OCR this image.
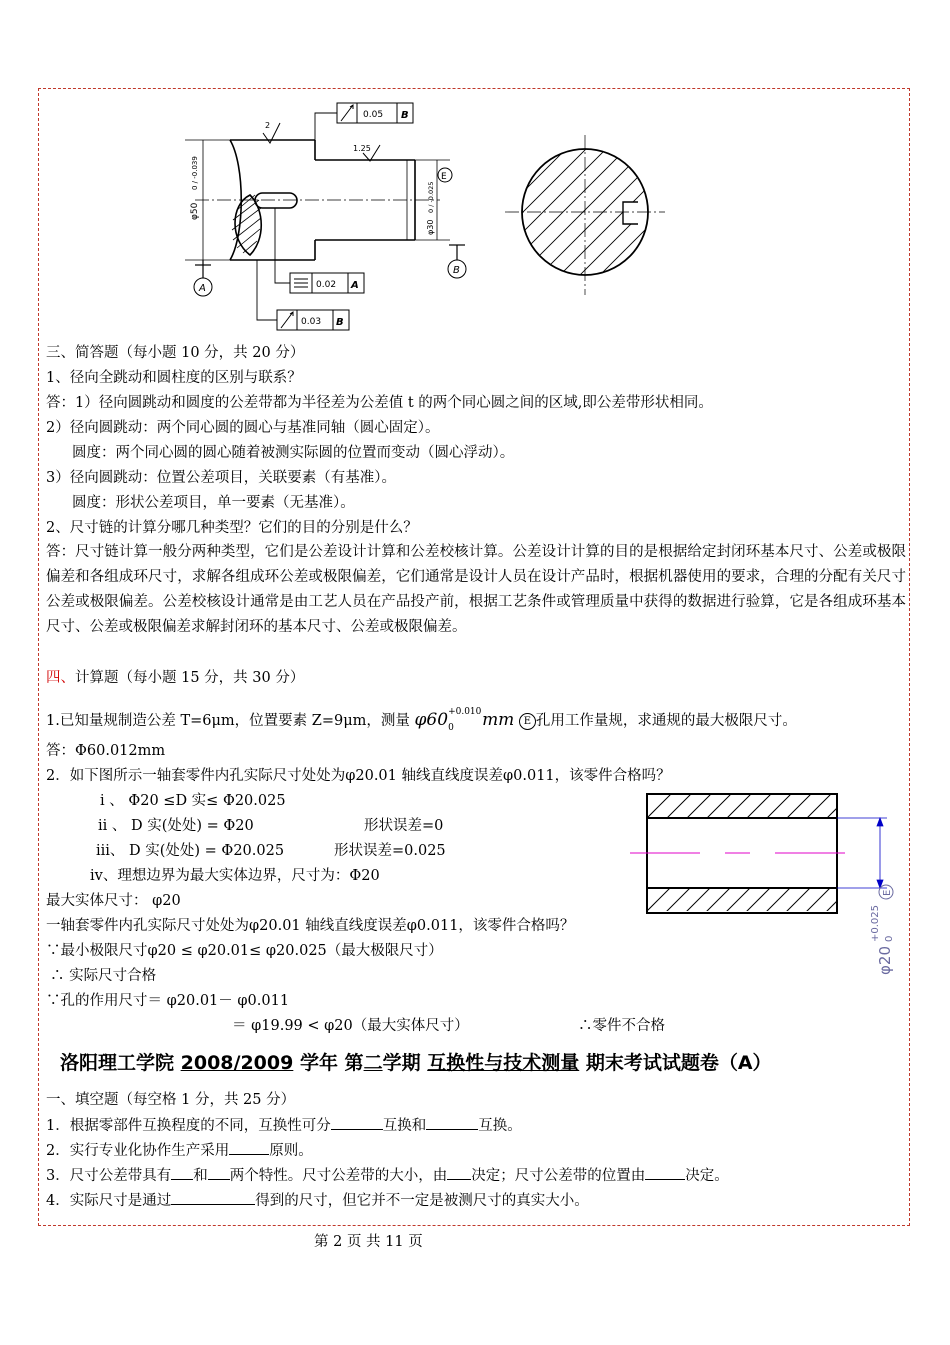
φ50
0 / -0.039
φ30
0 / -0.025
E
2
1.25
A
B
0.05 B
0.02 A
0.03 B
三、简答题（每小题 10 分，共 20 分）
1、径向全跳动和圆柱度的区别与联系？
答：1）径向圆跳动和圆度的公差带都为半径差为公差值 t 的两个同心圆之间的区域,即公差带形状相同。
2）径向圆跳动：两个同心圆的圆心与基准同轴（圆心固定）。
圆度：两个同心圆的圆心随着被测实际圆的位置而变动（圆心浮动）。
3）径向圆跳动：位置公差项目，关联要素（有基准）。
圆度：形状公差项目，单一要素（无基准）。
2、尺寸链的计算分哪几种类型？它们的目的分别是什么？
答：尺寸链计算一般分两种类型，它们是公差设计计算和公差校核计算。公差设计计算的目的是根据给定封闭环基本尺寸、公差或极限偏差和各组成环尺寸，求解各组成环公差或极限偏差，它们通常是设计人员在设计产品时，根据机器使用的要求，合理的分配有关尺寸公差或极限偏差。公差校核设计通常是由工艺人员在产品投产前，根据工艺条件或管理质量中获得的数据进行验算，它是各组成环基本尺寸、公差或极限偏差求解封闭环的基本尺寸、公差或极限偏差。
四、计算题（每小题 15 分，共 30 分）
1.已知量规制造公差 T=6μm，位置要素 Z=9μm，测量 φ60 +0.010
0 mm E 孔用工作量规，求通规的最大极限尺寸。
答：Φ60.012mm
2．如下图所示一轴套零件内孔实际尺寸处处为φ20.01 轴线直线度误差φ0.011，该零件合格吗？
i 、 Φ20 ≤D 实≤ Φ20.025
ii 、 D 实(处处) = Φ20	形状误差=0
iii、 D 实(处处) = Φ20.025	形状误差=0.025
iv、理想边界为最大实体边界，尺寸为：Φ20
最大实体尺寸： φ20
一轴套零件内孔实际尺寸处处为φ20.01 轴线直线度误差φ0.011，该零件合格吗？
∵最小极限尺寸φ20 ≤ φ20.01≤ φ20.025（最大极限尺寸）
∴ 实际尺寸合格
∵孔的作用尺寸＝ φ20.01－ φ0.011
＝ φ19.99 < φ20（最大实体尺寸）	∴零件不合格
φ20
+0.025 0
E
洛阳理工学院 2008/2009 学年 第二学期 互换性与技术测量 期末考试试题卷（A）
一、填空题（每空格 1 分，共 25 分）
1．根据零部件互换程度的不同，互换性可分	互换和	互换。
2．实行专业化协作生产采用	原则。
3．尺寸公差带具有 和 两个特性。尺寸公差带的大小，由 决定；尺寸公差带的位置由	决定。
4．实际尺寸是通过	得到的尺寸，但它并不一定是被测尺寸的真实大小。
第 2 页 共 11 页
